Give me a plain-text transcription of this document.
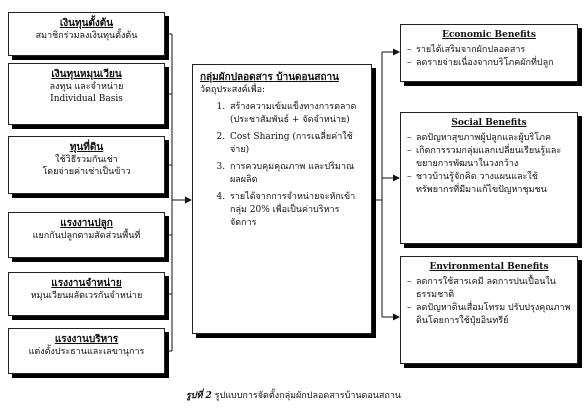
เงินทุนตั้งต้น
สมาชิกร่วมลงเงินทุนตั้งต้น
เงินทุนหมุนเวียน
ลงทุน และจำหน่าย
Individual Basis
ทุนที่ดิน
ใช้วิธีรวมกันเช่า
โดยจ่ายค่าเช่าเป็นข้าว
แรงงานปลูก
แยกกันปลูกตามสัดส่วนพื้นที่
แรงงานจำหน่าย
หมุนเวียนผลัดเวรกันจำหน่าย
แรงงานบริหาร
แต่งตั้งประธานและเลขานุการ
กลุ่มผักปลอดสาร บ้านดอนสถาน
วัตถุประสงค์เพื่อ:
1. สร้างความเข้มแข็งทางการตลาด (ประชาสัมพันธ์ + จัดจำหน่าย)
2. Cost Sharing (การเฉลี่ยค่าใช้จ่าย)
3. การควบคุมคุณภาพ และปริมาณผลผลิต
4. รายได้จากการจำหน่ายจะหักเข้ากลุ่ม 20% เพื่อเป็นค่าบริหารจัดการ
Economic Benefits
– รายได้เสริมจากผักปลอดสาร
– ลดรายจ่ายเนื่องจากบริโภคผักที่ปลูก
Social Benefits
– ลดปัญหาสุขภาพผู้ปลูกและผู้บริโภค
– เกิดการรวมกลุ่มแลกเปลี่ยนเรียนรู้และขยายการพัฒนาในวงกว้าง
– ชาวบ้านรู้จักคิด วางแผนและใช้ทรัพยากรที่มีมาแก้ไขปัญหาชุมชน
Environmental Benefits
– ลดการใช้สารเคมี ลดการปนเปื้อนในธรรมชาติ
– ลดปัญหาดินเสื่อมโทรม ปรับปรุงคุณภาพดินโดยการใช้ปุ๋ยอินทรีย์
รูปที่ 2 รูปแบบการจัดตั้งกลุ่มผักปลอดสารบ้านดอนสถาน
